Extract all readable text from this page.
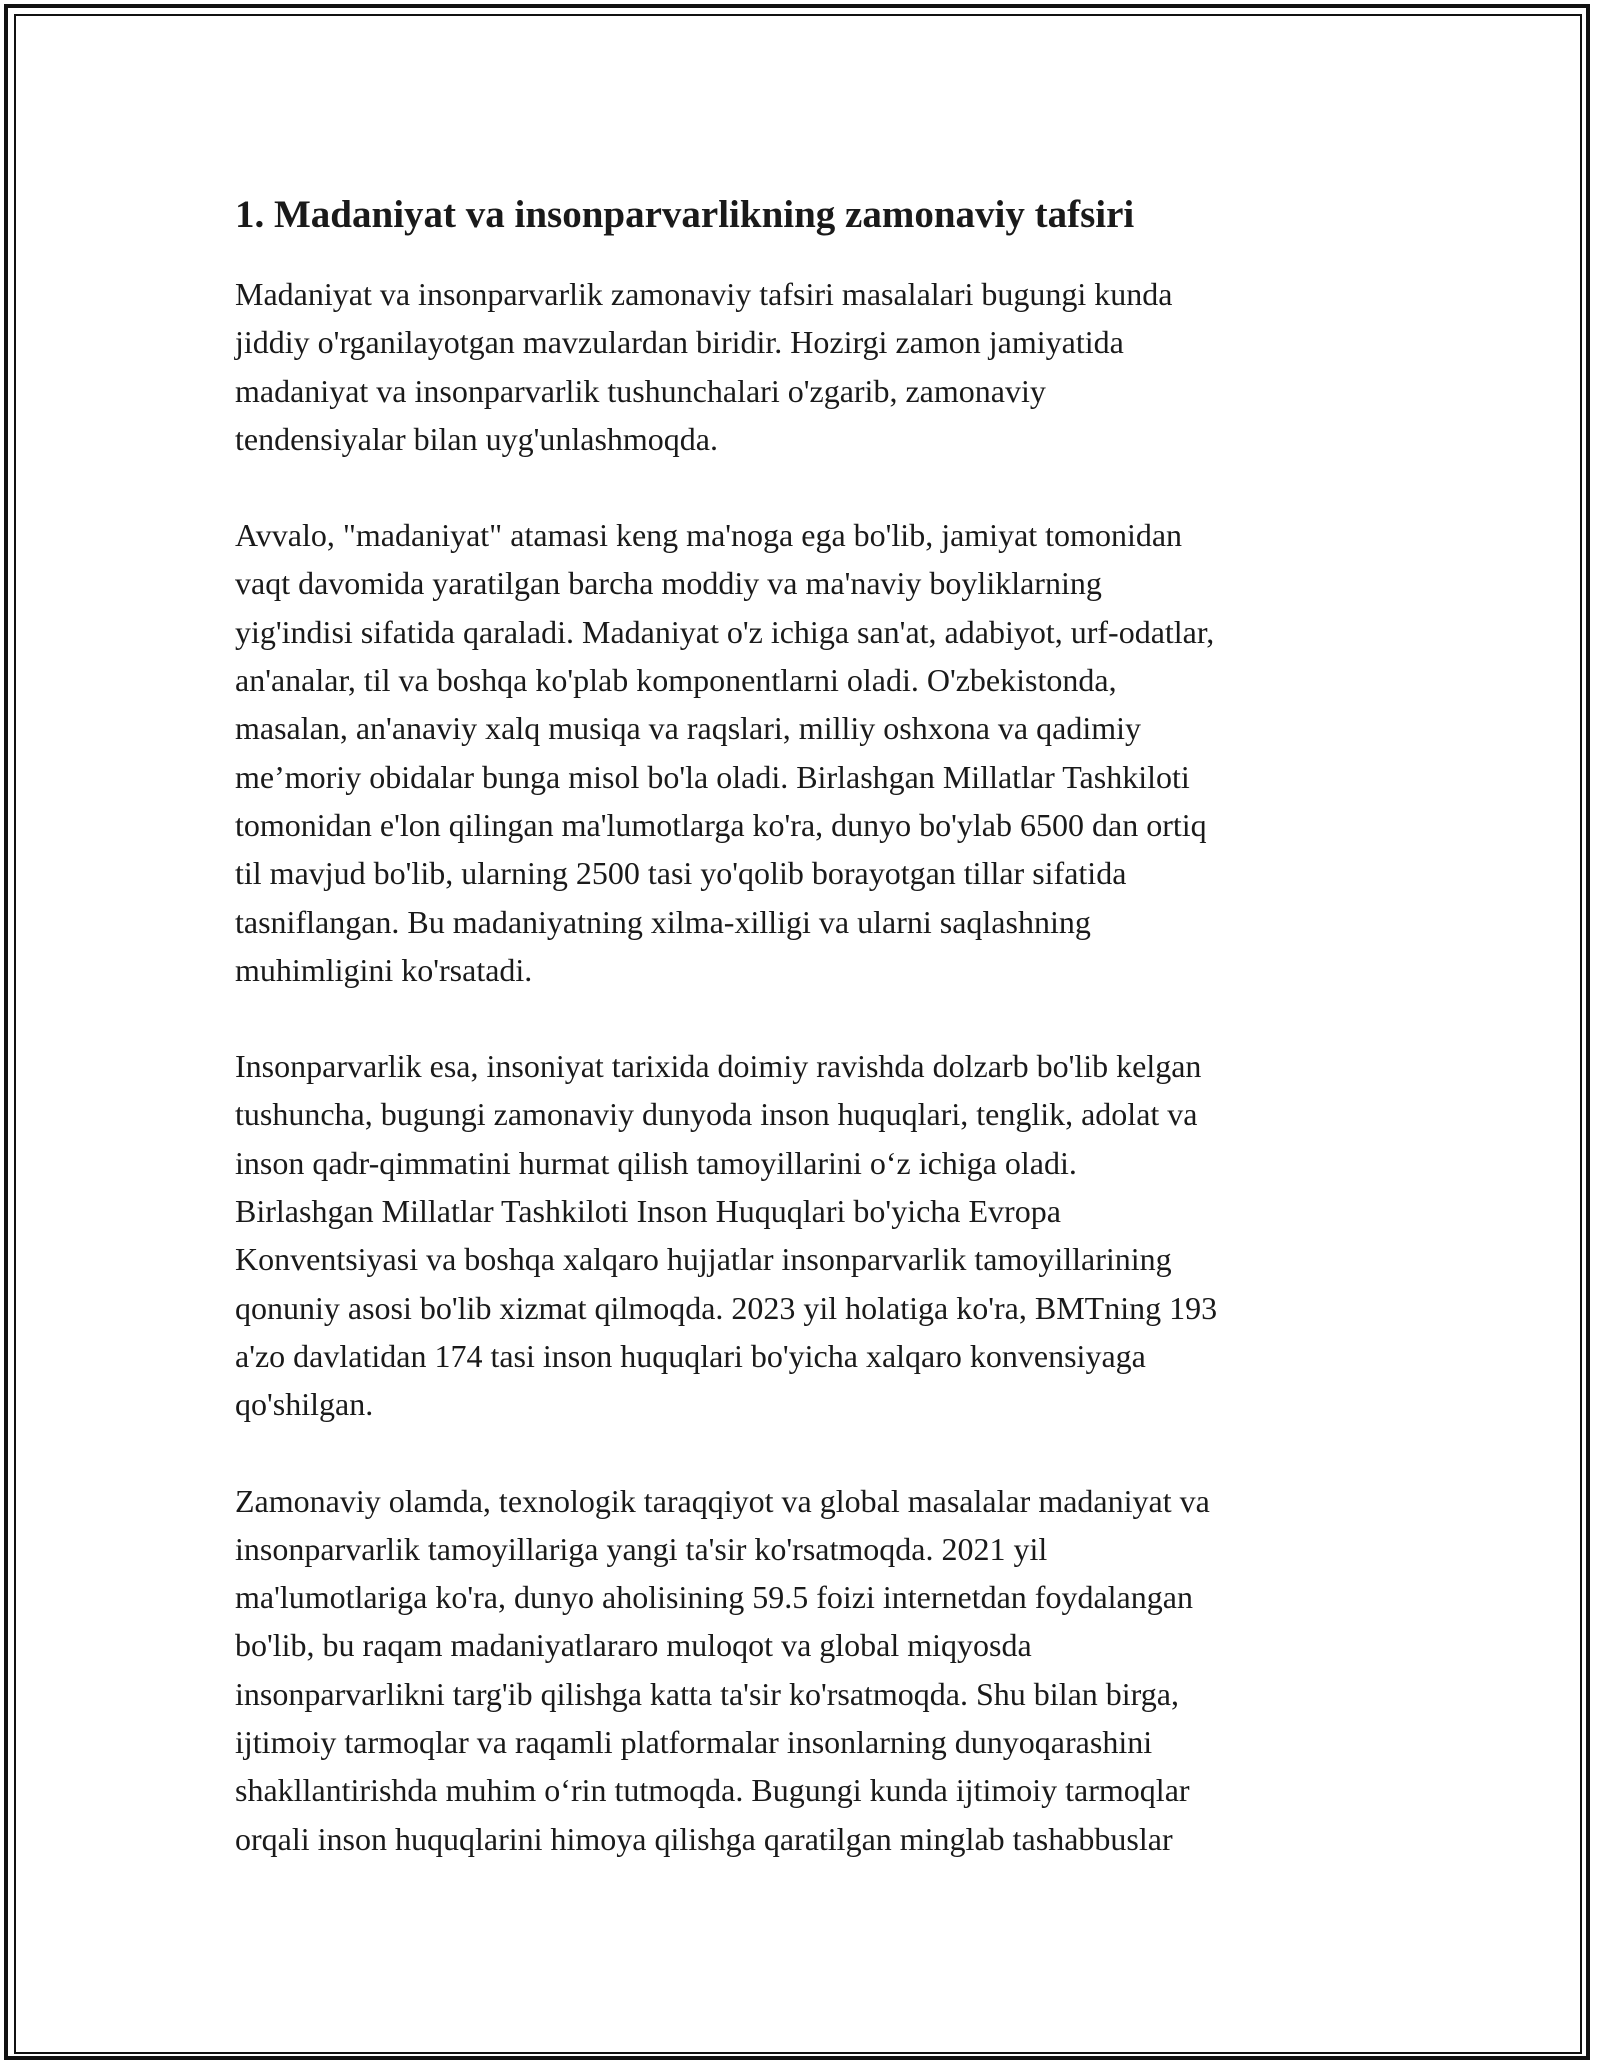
1. Madaniyat va insonparvarlikning zamonaviy tafsiri

Madaniyat va insonparvarlik zamonaviy tafsiri masalalari bugungi kunda
jiddiy o'rganilayotgan mavzulardan biridir. Hozirgi zamon jamiyatida
madaniyat va insonparvarlik tushunchalari o'zgarib, zamonaviy
tendensiyalar bilan uyg'unlashmoqda.

Avvalo, "madaniyat" atamasi keng ma'noga ega bo'lib, jamiyat tomonidan
vaqt davomida yaratilgan barcha moddiy va ma'naviy boyliklarning
yig'indisi sifatida qaraladi. Madaniyat o'z ichiga san'at, adabiyot, urf-odatlar,
an'analar, til va boshqa ko'plab komponentlarni oladi. O'zbekistonda,
masalan, an'anaviy xalq musiqa va raqslari, milliy oshxona va qadimiy
me’moriy obidalar bunga misol bo'la oladi. Birlashgan Millatlar Tashkiloti
tomonidan e'lon qilingan ma'lumotlarga ko'ra, dunyo bo'ylab 6500 dan ortiq
til mavjud bo'lib, ularning 2500 tasi yo'qolib borayotgan tillar sifatida
tasniflangan. Bu madaniyatning xilma-xilligi va ularni saqlashning
muhimligini ko'rsatadi.

Insonparvarlik esa, insoniyat tarixida doimiy ravishda dolzarb bo'lib kelgan
tushuncha, bugungi zamonaviy dunyoda inson huquqlari, tenglik, adolat va
inson qadr-qimmatini hurmat qilish tamoyillarini o‘z ichiga oladi.
Birlashgan Millatlar Tashkiloti Inson Huquqlari bo'yicha Evropa
Konventsiyasi va boshqa xalqaro hujjatlar insonparvarlik tamoyillarining
qonuniy asosi bo'lib xizmat qilmoqda. 2023 yil holatiga ko'ra, BMTning 193
a'zo davlatidan 174 tasi inson huquqlari bo'yicha xalqaro konvensiyaga
qo'shilgan.

Zamonaviy olamda, texnologik taraqqiyot va global masalalar madaniyat va
insonparvarlik tamoyillariga yangi ta'sir ko'rsatmoqda. 2021 yil
ma'lumotlariga ko'ra, dunyo aholisining 59.5 foizi internetdan foydalangan
bo'lib, bu raqam madaniyatlararo muloqot va global miqyosda
insonparvarlikni targ'ib qilishga katta ta'sir ko'rsatmoqda. Shu bilan birga,
ijtimoiy tarmoqlar va raqamli platformalar insonlarning dunyoqarashini
shakllantirishda muhim o‘rin tutmoqda. Bugungi kunda ijtimoiy tarmoqlar
orqali inson huquqlarini himoya qilishga qaratilgan minglab tashabbuslar
